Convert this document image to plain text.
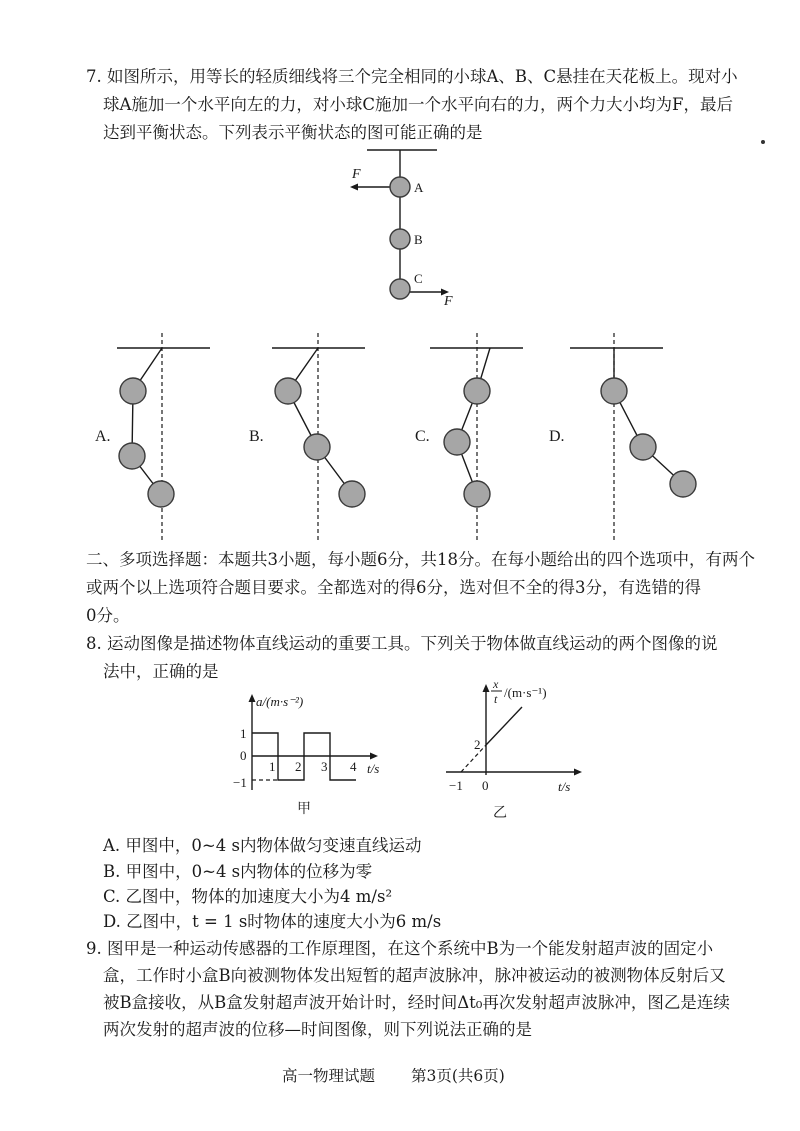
7. 如图所示，用等长的轻质细线将三个完全相同的小球A、B、C悬挂在天花板上。现对小
球A施加一个水平向左的力，对小球C施加一个水平向右的力，两个力大小均为F，最后
达到平衡状态。下列表示平衡状态的图可能正确的是
二、多项选择题：本题共3小题，每小题6分，共18分。在每小题给出的四个选项中，有两个
或两个以上选项符合题目要求。全都选对的得6分，选对但不全的得3分，有选错的得
0分。
8. 运动图像是描述物体直线运动的重要工具。下列关于物体做直线运动的两个图像的说
法中，正确的是
A. 甲图中，0~4 s内物体做匀变速直线运动
B. 甲图中，0~4 s内物体的位移为零
C. 乙图中，物体的加速度大小为4 m/s²
D. 乙图中，t = 1 s时物体的速度大小为6 m/s
9. 图甲是一种运动传感器的工作原理图，在这个系统中B为一个能发射超声波的固定小
盒，工作时小盒B向被测物体发出短暂的超声波脉冲，脉冲被运动的被测物体反射后又
被B盒接收，从B盒发射超声波开始计时，经时间Δt₀再次发射超声波脉冲，图乙是连续
两次发射的超声波的位移—时间图像，则下列说法正确的是
高一物理试题 第3页(共6页)
F
F
A
B
C
A.	B.	C.	D.
a/(m·s⁻²)
t/s
1
0
−1
1 2 3 4
甲
x
t /(m·s⁻¹)
t/s
2
−1 0
乙
